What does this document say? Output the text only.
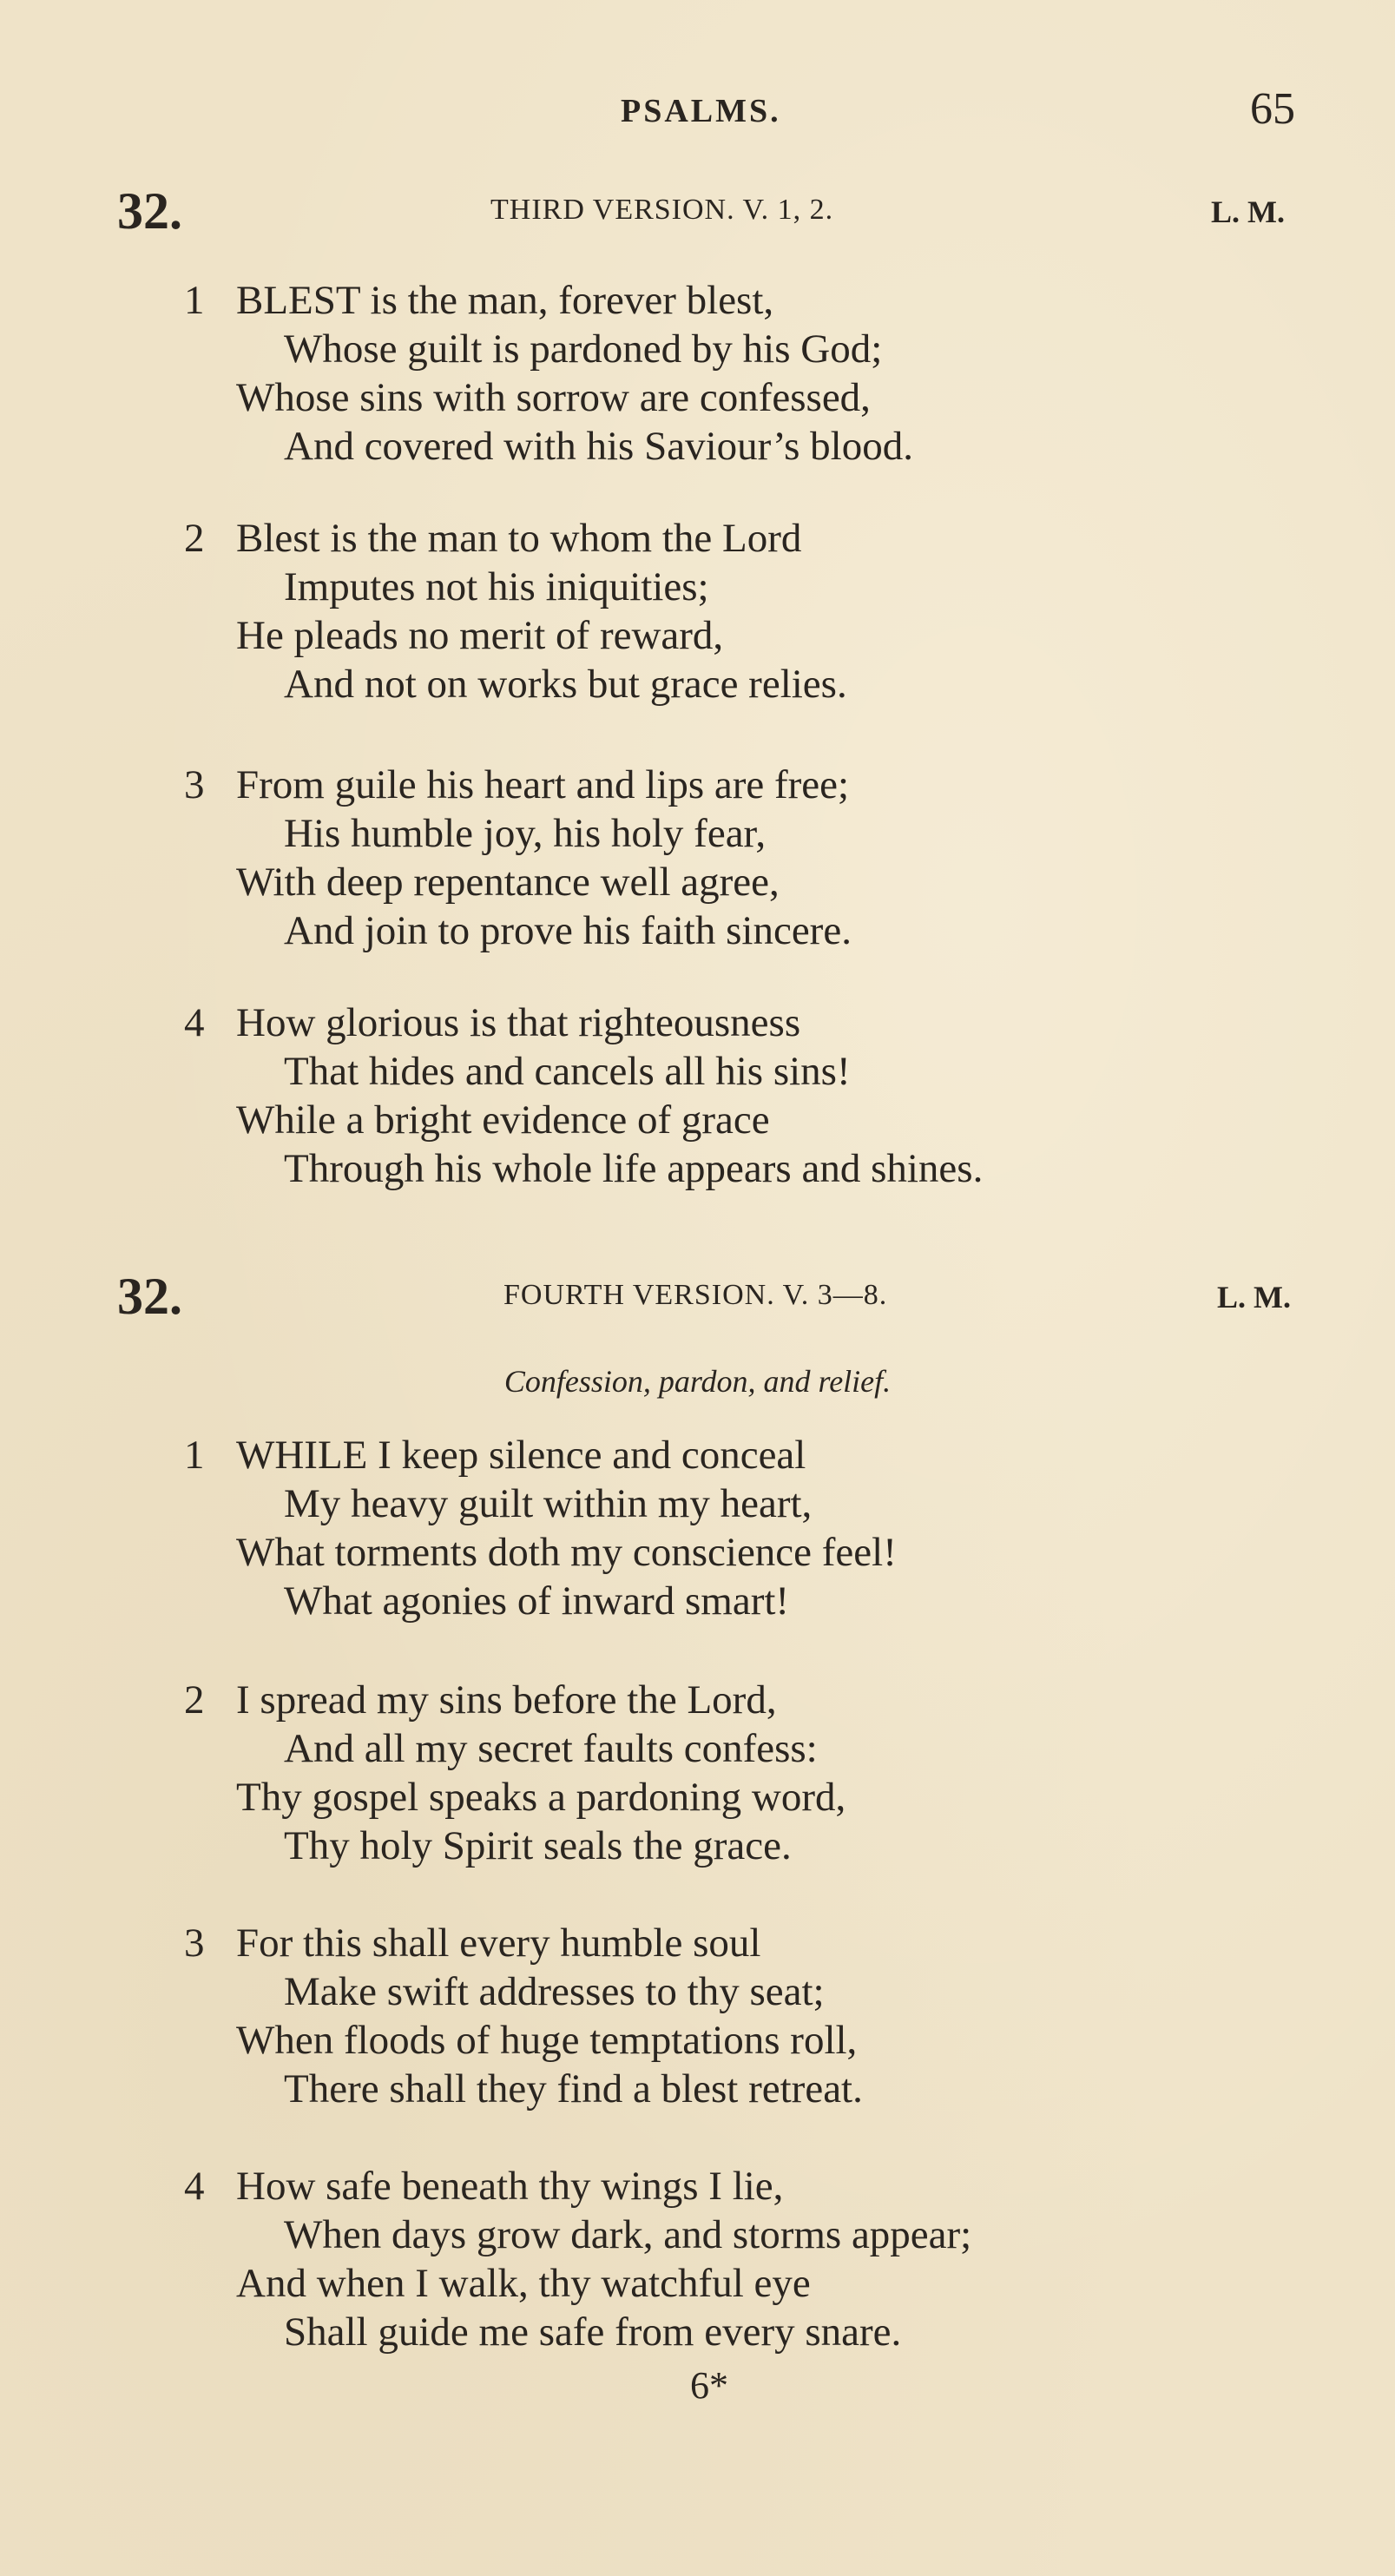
PSALMS.	65
32.	THIRD VERSION. V. 1, 2.	L. M.
1 BLEST is the man, forever blest,
Whose guilt is pardoned by his God;
Whose sins with sorrow are confessed,
And covered with his Saviour’s blood.
2 Blest is the man to whom the Lord
Imputes not his iniquities;
He pleads no merit of reward,
And not on works but grace relies.
3 From guile his heart and lips are free;
His humble joy, his holy fear,
With deep repentance well agree,
And join to prove his faith sincere.
4 How glorious is that righteousness
That hides and cancels all his sins!
While a bright evidence of grace
Through his whole life appears and shines.
32.	FOURTH VERSION. V. 3—8.	L. M.
Confession, pardon, and relief.
1 WHILE I keep silence and conceal
My heavy guilt within my heart,
What torments doth my conscience feel!
What agonies of inward smart!
2 I spread my sins before the Lord,
And all my secret faults confess:
Thy gospel speaks a pardoning word,
Thy holy Spirit seals the grace.
3 For this shall every humble soul
Make swift addresses to thy seat;
When floods of huge temptations roll,
There shall they find a blest retreat.
4 How safe beneath thy wings I lie,
When days grow dark, and storms appear;
And when I walk, thy watchful eye
Shall guide me safe from every snare.
6*
